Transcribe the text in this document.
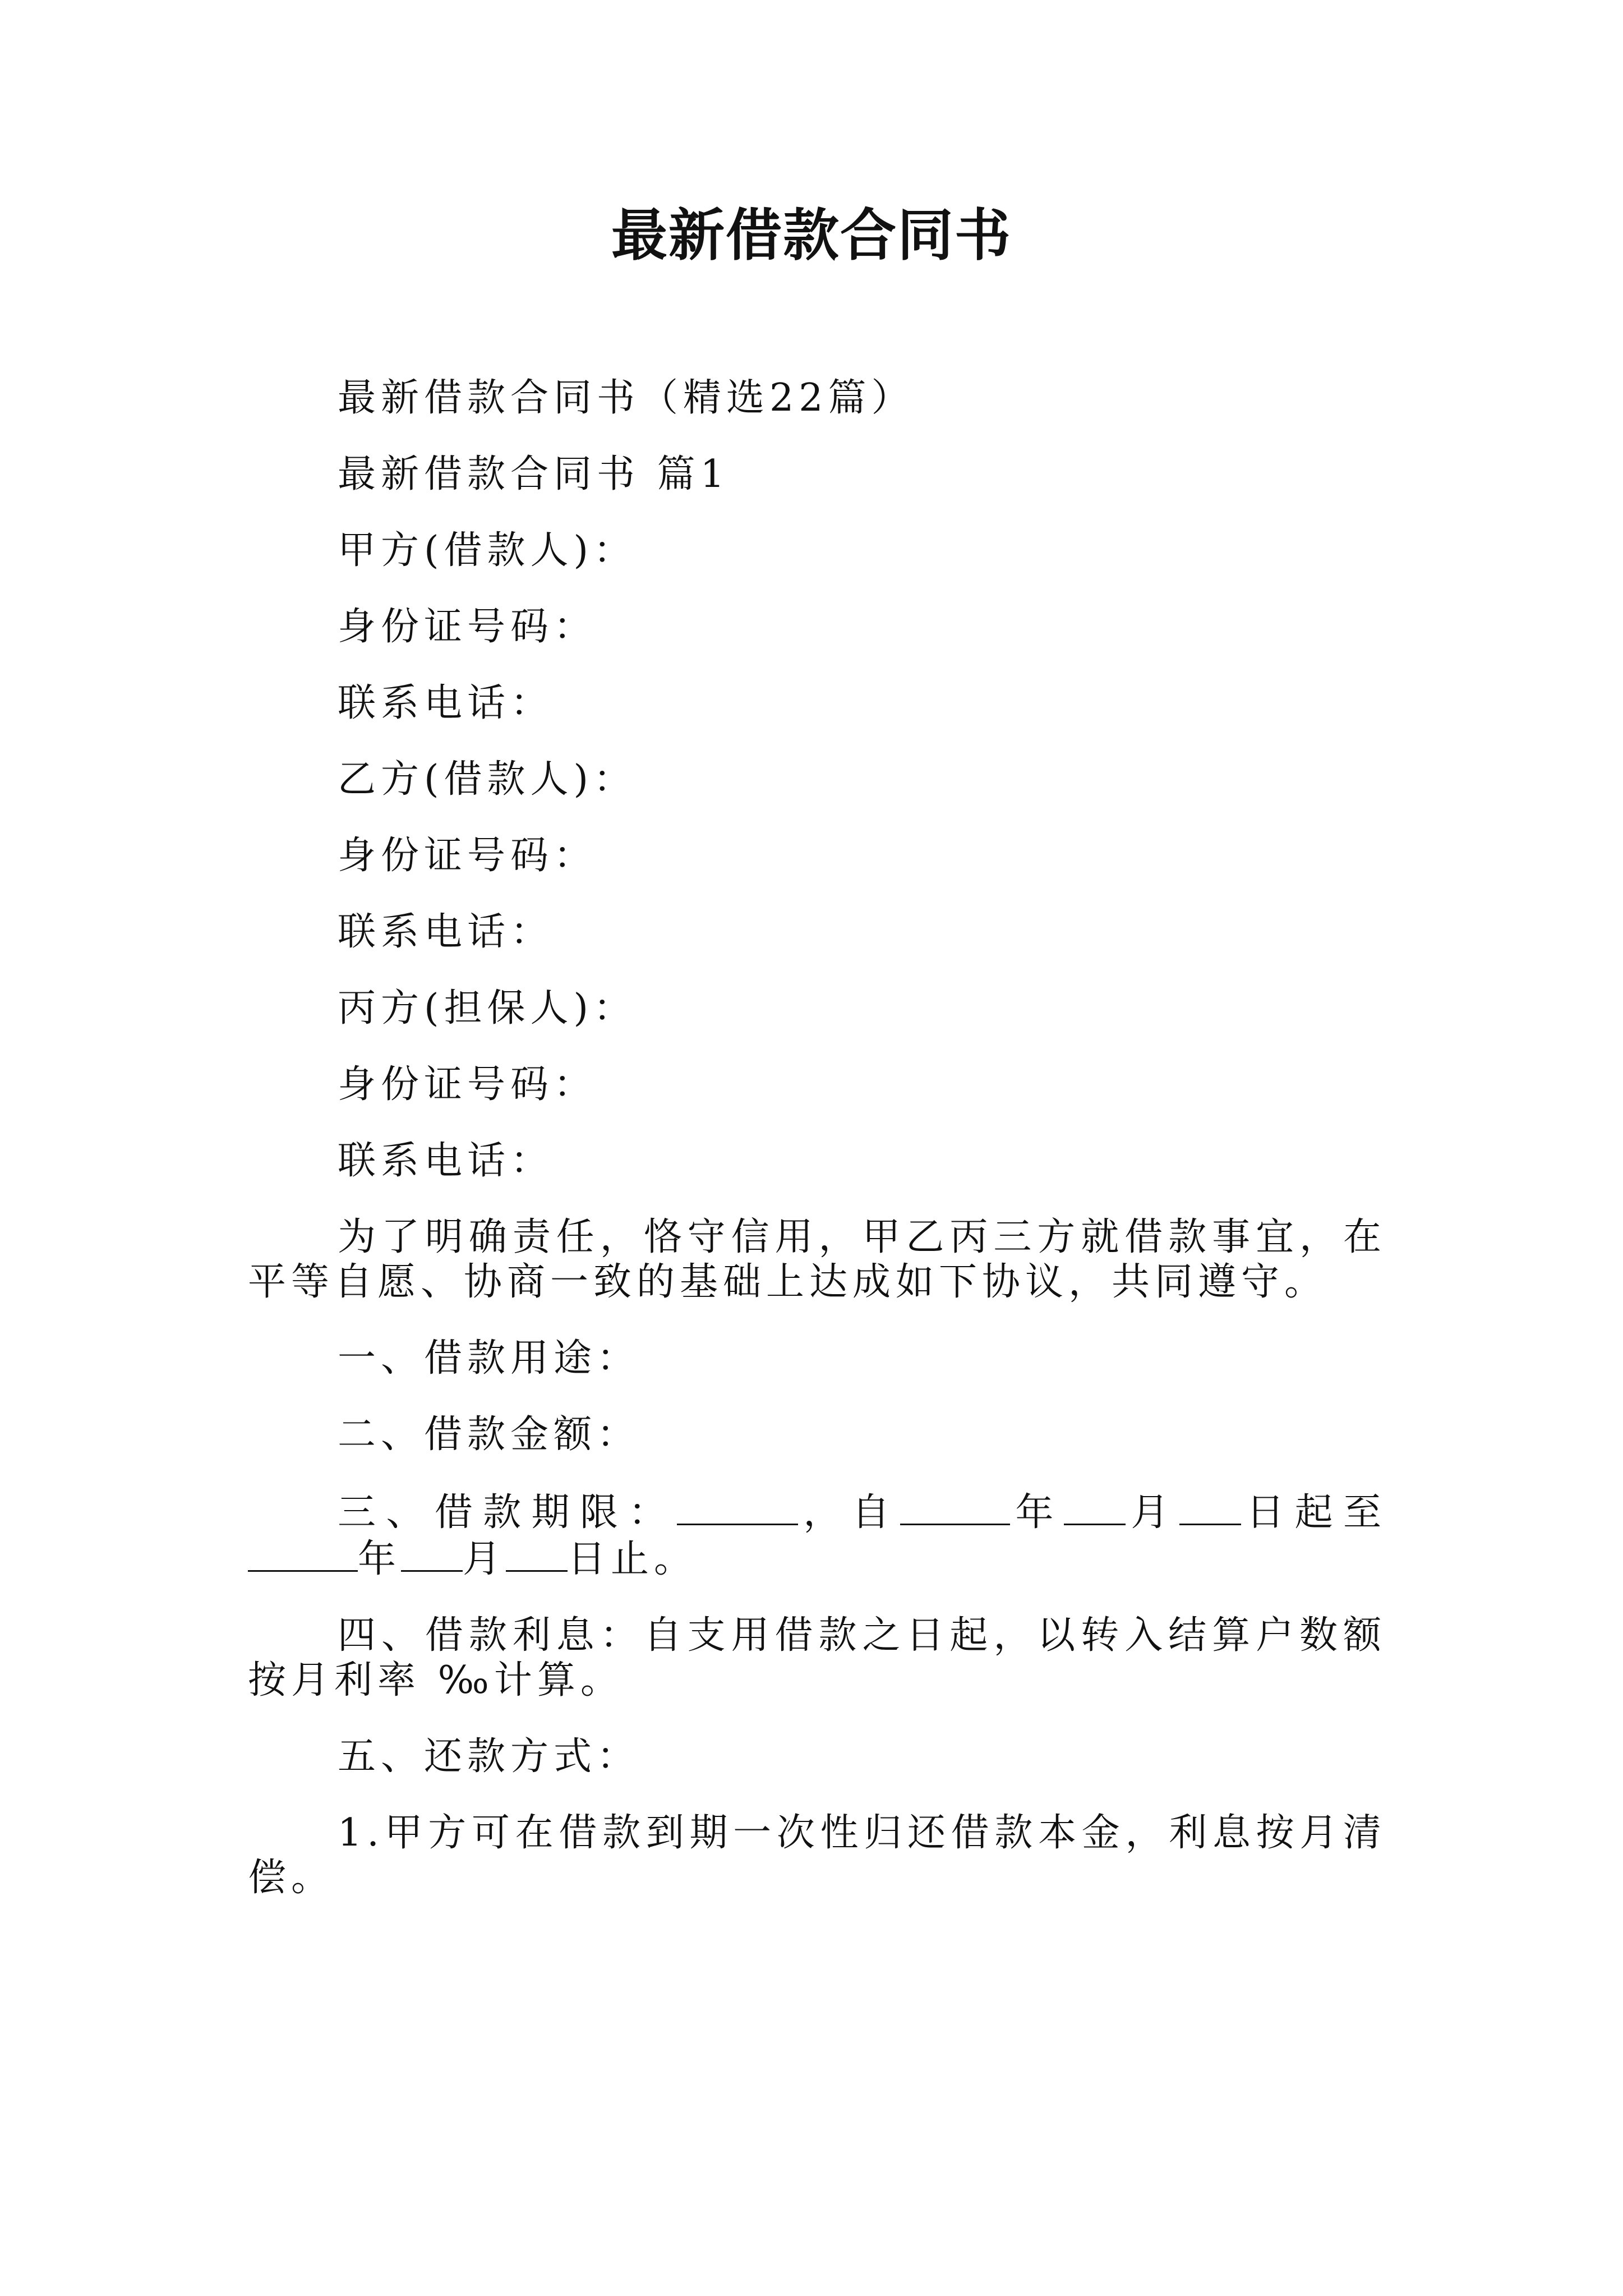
最新借款合同书

最新借款合同书（精选22篇）

最新借款合同书 篇1

甲方(借款人)：

身份证号码：

联系电话：

乙方(借款人)：

身份证号码：

联系电话：

丙方(担保人)：

身份证号码：

联系电话：

为了明确责任，恪守信用，甲乙丙三方就借款事宜，在平等自愿、协商一致的基础上达成如下协议，共同遵守。

一、借款用途：

二、借款金额：

三、借款期限：	，自	年 月 日起至年 月 日止。

四、借款利息：自支用借款之日起，以转入结算户数额按月利率 ‰计算。

五、还款方式：

1.甲方可在借款到期一次性归还借款本金，利息按月清偿。
